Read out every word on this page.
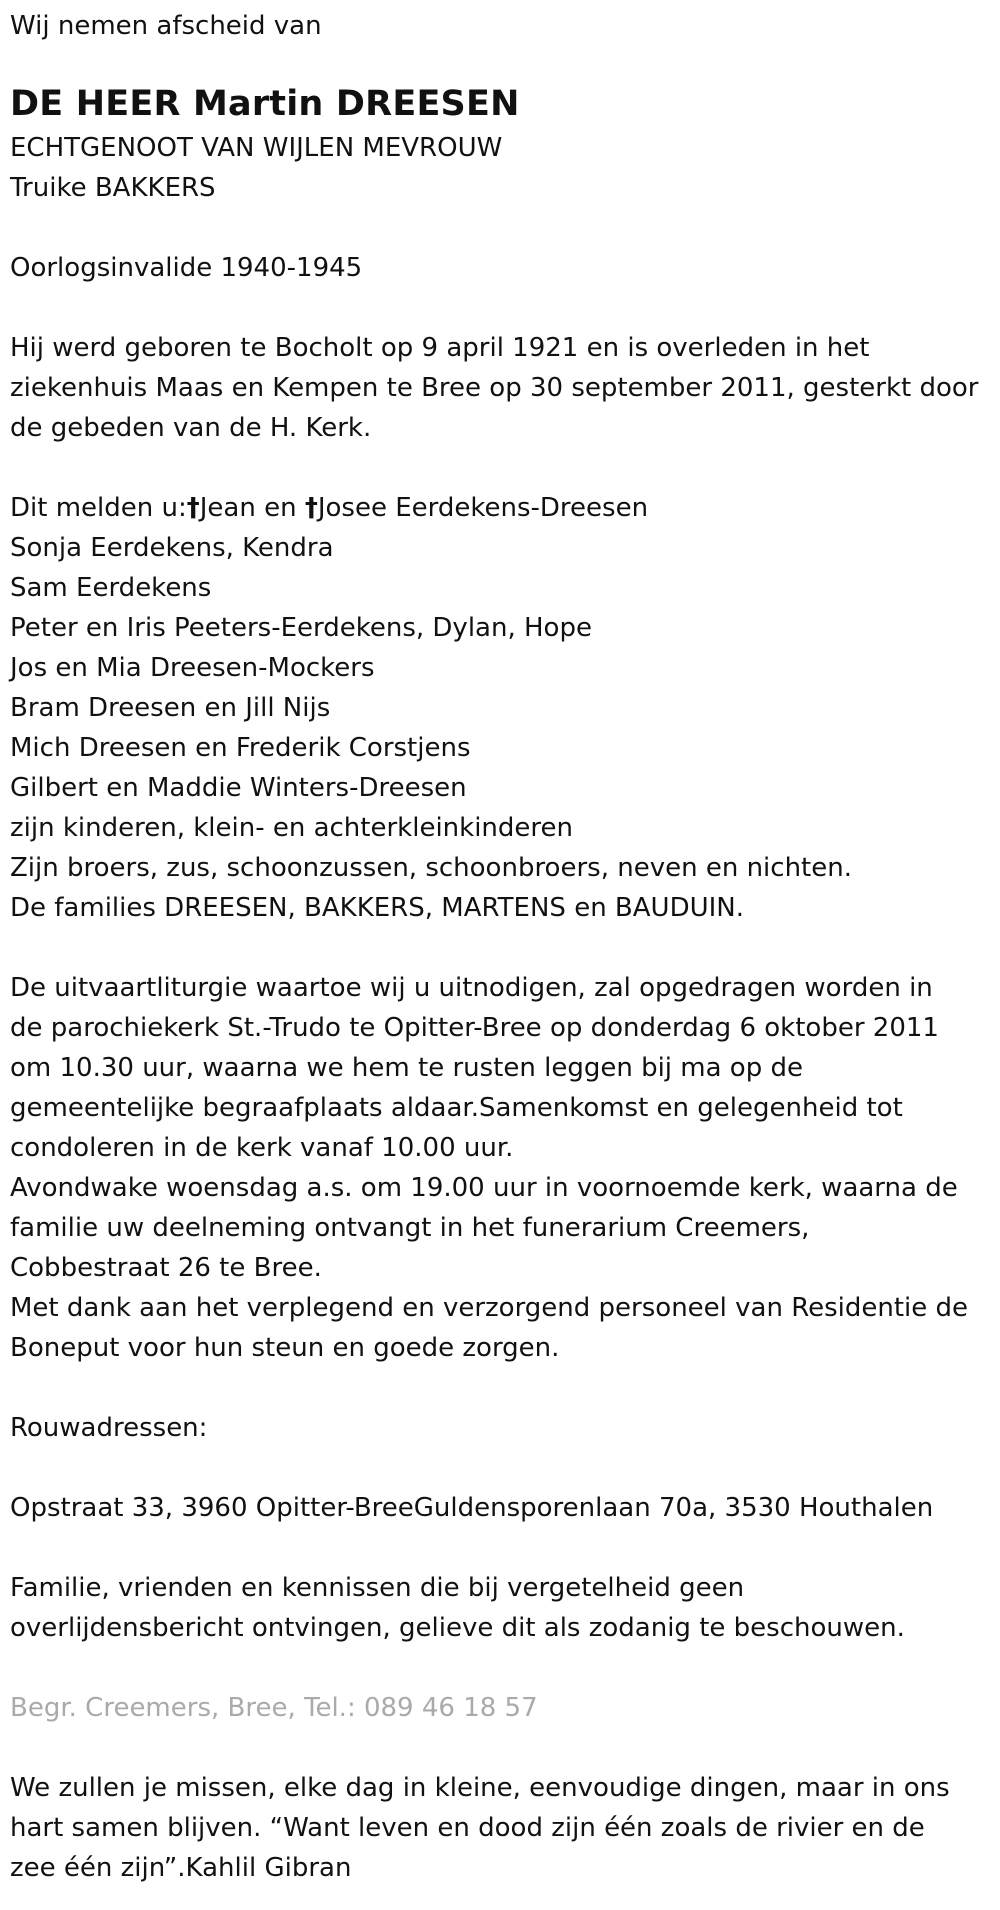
Wij nemen afscheid van

DE HEER Martin DREESEN

ECHTGENOOT VAN WIJLEN MEVROUW

Truike BAKKERS

Oorlogsinvalide 1940-1945

Hij werd geboren te Bocholt op 9 april 1921 en is overleden in het

ziekenhuis Maas en Kempen te Bree op 30 september 2011, gesterkt door

de gebeden van de H. Kerk.

Dit melden u:†Jean en †Josee Eerdekens-Dreesen

Sonja Eerdekens, Kendra

Sam Eerdekens

Peter en Iris Peeters-Eerdekens, Dylan, Hope

Jos en Mia Dreesen-Mockers

Bram Dreesen en Jill Nijs

Mich Dreesen en Frederik Corstjens

Gilbert en Maddie Winters-Dreesen

zijn kinderen, klein- en achterkleinkinderen

Zijn broers, zus, schoonzussen, schoonbroers, neven en nichten.

De families DREESEN, BAKKERS, MARTENS en BAUDUIN.

De uitvaartliturgie waartoe wij u uitnodigen, zal opgedragen worden in

de parochiekerk St.-Trudo te Opitter-Bree op donderdag 6 oktober 2011

om 10.30 uur, waarna we hem te rusten leggen bij ma op de

gemeentelijke begraafplaats aldaar.Samenkomst en gelegenheid tot

condoleren in de kerk vanaf 10.00 uur.

Avondwake woensdag a.s. om 19.00 uur in voornoemde kerk, waarna de

familie uw deelneming ontvangt in het funerarium Creemers,

Cobbestraat 26 te Bree.

Met dank aan het verplegend en verzorgend personeel van Residentie de

Boneput voor hun steun en goede zorgen.

Rouwadressen:

Opstraat 33, 3960 Opitter-BreeGuldensporenlaan 70a, 3530 Houthalen

Familie, vrienden en kennissen die bij vergetelheid geen

overlijdensbericht ontvingen, gelieve dit als zodanig te beschouwen.

Begr. Creemers, Bree, Tel.: 089 46 18 57

We zullen je missen, elke dag in kleine, eenvoudige dingen, maar in ons

hart samen blijven. “Want leven en dood zijn één zoals de rivier en de

zee één zijn”.Kahlil Gibran
